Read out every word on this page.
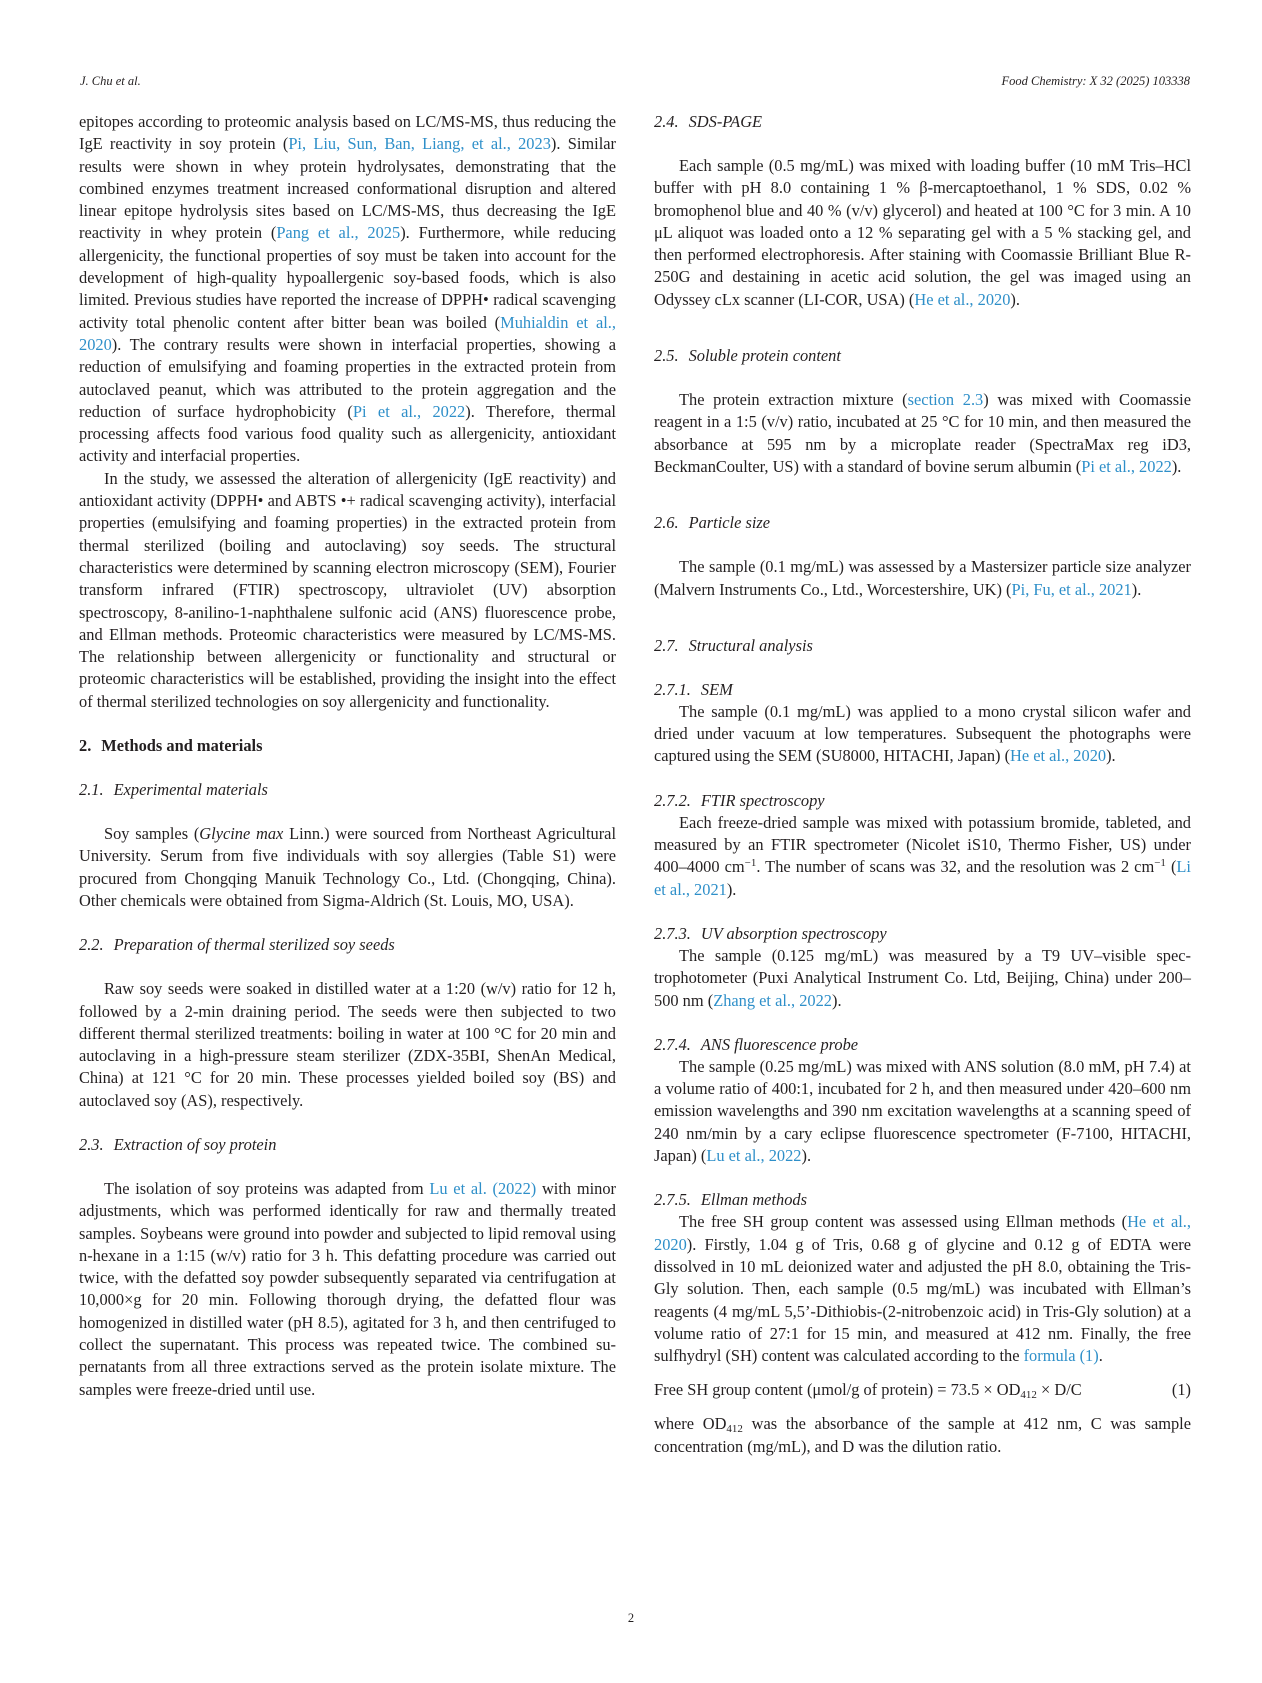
J. Chu et al.	Food Chemistry: X 32 (2025) 103338

epitopes according to proteomic analysis based on LC/MS-MS, thus reducing the IgE reactivity in soy protein (Pi, Liu, Sun, Ban, Liang, et al., 2023). Similar results were shown in whey protein hydrolysates, demonstrating that the combined enzymes treatment increased conformational disruption and altered linear epitope hydrolysis sites based on LC/MS-MS, thus decreasing the IgE reactivity in whey protein (Pang et al., 2025). Furthermore, while reducing allergenicity, the functional properties of soy must be taken into account for the development of high-quality hypoallergenic soy-based foods, which is also limited. Previous studies have reported the increase of DPPH• radical scavenging activity total phenolic content after bitter bean was boiled (Muhialdin et al., 2020). The contrary results were shown in interfacial properties, showing a reduction of emulsifying and foaming properties in the extracted protein from autoclaved peanut, which was attributed to the protein aggregation and the reduction of surface hydrophobicity (Pi et al., 2022). Therefore, thermal processing affects food various food quality such as allergenicity, antioxidant activity and interfacial properties.

In the study, we assessed the alteration of allergenicity (IgE reactivity) and antioxidant activity (DPPH• and ABTS •+ radical scavenging activity), interfacial properties (emulsifying and foaming properties) in the extracted protein from thermal sterilized (boiling and autoclaving) soy seeds. The structural characteristics were determined by scanning electron microscopy (SEM), Fourier transform infrared (FTIR) spectroscopy, ultraviolet (UV) absorption spectroscopy, 8-anilino-1-naphthalene sulfonic acid (ANS) fluorescence probe, and Ellman methods. Proteomic characteristics were measured by LC/MS-MS. The relationship between allergenicity or functionality and structural or proteomic characteristics will be established, providing the insight into the effect of thermal sterilized technologies on soy allergenicity and functionality.

2. Methods and materials
2.1. Experimental materials

Soy samples (Glycine max Linn.) were sourced from Northeast Agricultural University. Serum from five individuals with soy allergies (Table S1) were procured from Chongqing Manuik Technology Co., Ltd. (Chongqing, China). Other chemicals were obtained from Sigma-Aldrich (St. Louis, MO, USA).

2.2. Preparation of thermal sterilized soy seeds

Raw soy seeds were soaked in distilled water at a 1:20 (w/v) ratio for 12 h, followed by a 2-min draining period. The seeds were then subjected to two different thermal sterilized treatments: boiling in water at 100 °C for 20 min and autoclaving in a high-pressure steam sterilizer (ZDX-35BI, ShenAn Medical, China) at 121 °C for 20 min. These processes yielded boiled soy (BS) and autoclaved soy (AS), respectively.

2.3. Extraction of soy protein

The isolation of soy proteins was adapted from Lu et al. (2022) with minor adjustments, which was performed identically for raw and thermally treated samples. Soybeans were ground into powder and subjected to lipid removal using n-hexane in a 1:15 (w/v) ratio for 3 h. This defatting procedure was carried out twice, with the defatted soy powder subsequently separated via centrifugation at 10,000×g for 20 min. Following thorough drying, the defatted flour was homogenized in distilled water (pH 8.5), agitated for 3 h, and then centrifuged to collect the supernatant. This process was repeated twice. The combined supernatants from all three extractions served as the protein isolate mixture. The samples were freeze-dried until use.

2.4. SDS-PAGE

Each sample (0.5 mg/mL) was mixed with loading buffer (10 mM Tris–HCl buffer with pH 8.0 containing 1 % β-mercaptoethanol, 1 % SDS, 0.02 % bromophenol blue and 40 % (v/v) glycerol) and heated at 100 °C for 3 min. A 10 μL aliquot was loaded onto a 12 % separating gel with a 5 % stacking gel, and then performed electrophoresis. After staining with Coomassie Brilliant Blue R-250G and destaining in acetic acid solution, the gel was imaged using an Odyssey cLx scanner (LI-COR, USA) (He et al., 2020).

2.5. Soluble protein content

The protein extraction mixture (section 2.3) was mixed with Coomassie reagent in a 1:5 (v/v) ratio, incubated at 25 °C for 10 min, and then measured the absorbance at 595 nm by a microplate reader (SpectraMax reg iD3, BeckmanCoulter, US) with a standard of bovine serum albumin (Pi et al., 2022).

2.6. Particle size

The sample (0.1 mg/mL) was assessed by a Mastersizer particle size analyzer (Malvern Instruments Co., Ltd., Worcestershire, UK) (Pi, Fu, et al., 2021).

2.7. Structural analysis
2.7.1. SEM

The sample (0.1 mg/mL) was applied to a mono crystal silicon wafer and dried under vacuum at low temperatures. Subsequent the photographs were captured using the SEM (SU8000, HITACHI, Japan) (He et al., 2020).

2.7.2. FTIR spectroscopy

Each freeze-dried sample was mixed with potassium bromide, tableted, and measured by an FTIR spectrometer (Nicolet iS10, Thermo Fisher, US) under 400–4000 $cm^{-1}$. The number of scans was 32, and the resolution was 2 $cm^{-1}$ (Li et al., 2021).

2.7.3. UV absorption spectroscopy

The sample (0.125 mg/mL) was measured by a T9 UV–visible spectrophotometer (Puxi Analytical Instrument Co. Ltd, Beijing, China) under 200–500 nm (Zhang et al., 2022).

2.7.4. ANS fluorescence probe

The sample (0.25 mg/mL) was mixed with ANS solution (8.0 mM, pH 7.4) at a volume ratio of 400:1, incubated for 2 h, and then measured under 420–600 nm emission wavelengths and 390 nm excitation wavelengths at a scanning speed of 240 nm/min by a cary eclipse fluorescence spectrometer (F-7100, HITACHI, Japan) (Lu et al., 2022).

2.7.5. Ellman methods

The free SH group content was assessed using Ellman methods (He et al., 2020). Firstly, 1.04 g of Tris, 0.68 g of glycine and 0.12 g of EDTA were dissolved in 10 mL deionized water and adjusted the pH 8.0, obtaining the Tris-Gly solution. Then, each sample (0.5 mg/mL) was incubated with Ellman’s reagents (4 mg/mL 5,5’-Dithiobis-(2-nitrobenzoic acid) in Tris-Gly solution) at a volume ratio of 27:1 for 15 min, and measured at 412 nm. Finally, the free sulfhydryl (SH) content was calculated according to the formula (1).

Free SH group content (μmol/g of protein) = $73.5 \times OD_{412} \times D/C$	(1)

where $OD_{412}$ was the absorbance of the sample at 412 nm, C was sample concentration (mg/mL), and D was the dilution ratio.

2
